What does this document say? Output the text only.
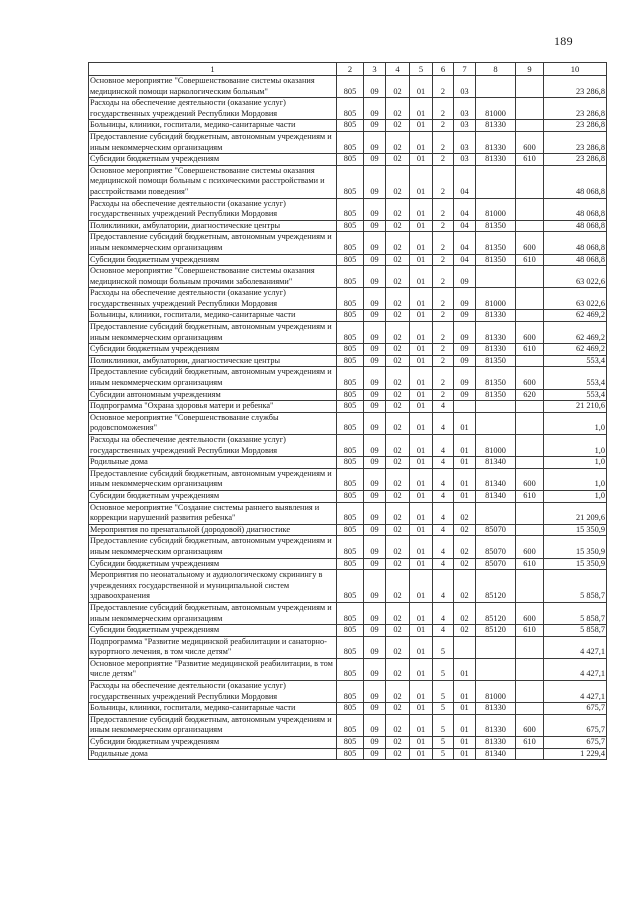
189
1	2	3	4	5	6	7	8	9	10
Основное мероприятие "Совершенствование системы оказания медицинской помощи наркологическим больным"	805	09	02	01	2	03			23 286,8
Расходы на обеспечение деятельности (оказание услуг) государственных учреждений Республики Мордовия	805	09	02	01	2	03	81000		23 286,8
Больницы, клиники, госпитали, медико-санитарные части	805	09	02	01	2	03	81330		23 286,8
Предоставление субсидий бюджетным, автономным учреждениям и иным некоммерческим организациям	805	09	02	01	2	03	81330	600	23 286,8
Субсидии бюджетным учреждениям	805	09	02	01	2	03	81330	610	23 286,8
Основное мероприятие "Совершенствование системы оказания медицинской помощи больным с психическими расстройствами и расстройствами поведения"	805	09	02	01	2	04			48 068,8
Расходы на обеспечение деятельности (оказание услуг) государственных учреждений Республики Мордовия	805	09	02	01	2	04	81000		48 068,8
Поликлиники, амбулатории, диагностические центры	805	09	02	01	2	04	81350		48 068,8
Предоставление субсидий бюджетным, автономным учреждениям и иным некоммерческим организациям	805	09	02	01	2	04	81350	600	48 068,8
Субсидии бюджетным учреждениям	805	09	02	01	2	04	81350	610	48 068,8
Основное мероприятие "Совершенствование системы оказания медицинской помощи больным прочими заболеваниями"	805	09	02	01	2	09			63 022,6
Расходы на обеспечение деятельности (оказание услуг) государственных учреждений Республики Мордовия	805	09	02	01	2	09	81000		63 022,6
Больницы, клиники, госпитали, медико-санитарные части	805	09	02	01	2	09	81330		62 469,2
Предоставление субсидий бюджетным, автономным учреждениям и иным некоммерческим организациям	805	09	02	01	2	09	81330	600	62 469,2
Субсидии бюджетным учреждениям	805	09	02	01	2	09	81330	610	62 469,2
Поликлиники, амбулатории, диагностические центры	805	09	02	01	2	09	81350		553,4
Предоставление субсидий бюджетным, автономным учреждениям и иным некоммерческим организациям	805	09	02	01	2	09	81350	600	553,4
Субсидии автономным учреждениям	805	09	02	01	2	09	81350	620	553,4
Подпрограмма "Охрана здоровья матери и ребенка"	805	09	02	01	4				21 210,6
Основное мероприятие "Совершенствование службы родовспоможения"	805	09	02	01	4	01			1,0
Расходы на обеспечение деятельности (оказание услуг) государственных учреждений Республики Мордовия	805	09	02	01	4	01	81000		1,0
Родильные дома	805	09	02	01	4	01	81340		1,0
Предоставление субсидий бюджетным, автономным учреждениям и иным некоммерческим организациям	805	09	02	01	4	01	81340	600	1,0
Субсидии бюджетным учреждениям	805	09	02	01	4	01	81340	610	1,0
Основное мероприятие "Создание системы раннего выявления и коррекции нарушений развития ребенка"	805	09	02	01	4	02			21 209,6
Мероприятия по пренатальной (дородовой) диагностике	805	09	02	01	4	02	85070		15 350,9
Предоставление субсидий бюджетным, автономным учреждениям и иным некоммерческим организациям	805	09	02	01	4	02	85070	600	15 350,9
Субсидии бюджетным учреждениям	805	09	02	01	4	02	85070	610	15 350,9
Мероприятия по неонатальному и аудиологическому скринингу в учреждениях государственной и муниципальной систем здравоохранения	805	09	02	01	4	02	85120		5 858,7
Предоставление субсидий бюджетным, автономным учреждениям и иным некоммерческим организациям	805	09	02	01	4	02	85120	600	5 858,7
Субсидии бюджетным учреждениям	805	09	02	01	4	02	85120	610	5 858,7
Подпрограмма "Развитие медицинской реабилитации и санаторно-курортного лечения, в том числе детям"	805	09	02	01	5				4 427,1
Основное мероприятие "Развитие медицинской реабилитации, в том числе детям"	805	09	02	01	5	01			4 427,1
Расходы на обеспечение деятельности (оказание услуг) государственных учреждений Республики Мордовия	805	09	02	01	5	01	81000		4 427,1
Больницы, клиники, госпитали, медико-санитарные части	805	09	02	01	5	01	81330		675,7
Предоставление субсидий бюджетным, автономным учреждениям и иным некоммерческим организациям	805	09	02	01	5	01	81330	600	675,7
Субсидии бюджетным учреждениям	805	09	02	01	5	01	81330	610	675,7
Родильные дома	805	09	02	01	5	01	81340		1 229,4
